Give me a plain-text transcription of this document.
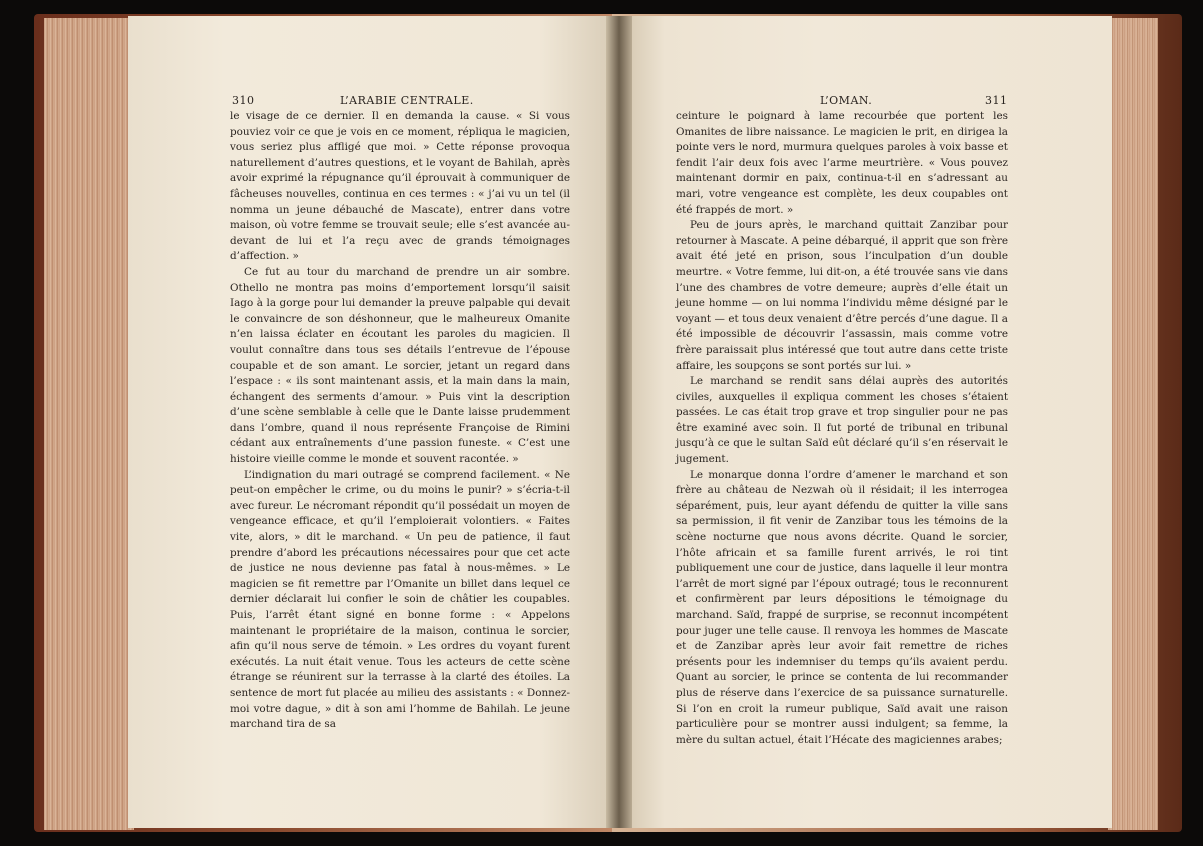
310	L’ARABIE CENTRALE.

le visage de ce dernier. Il en demanda la cause. « Si vous pouviez voir ce que je vois en ce moment, répliqua le magicien, vous seriez plus affligé que moi. » Cette réponse provoqua naturellement d’autres questions, et le voyant de Bahilah, après avoir exprimé la répugnance qu’il éprouvait à communiquer de fâcheuses nouvelles, continua en ces termes : « j’ai vu un tel (il nomma un jeune débauché de Mascate), entrer dans votre maison, où votre femme se trouvait seule; elle s’est avancée au-devant de lui et l’a reçu avec de grands témoignages d’affection. »

Ce fut au tour du marchand de prendre un air sombre. Othello ne montra pas moins d’emportement lorsqu’il saisit Iago à la gorge pour lui demander la preuve palpable qui devait le convaincre de son déshonneur, que le malheureux Omanite n’en laissa éclater en écoutant les paroles du magicien. Il voulut connaître dans tous ses détails l’entrevue de l’épouse coupable et de son amant. Le sorcier, jetant un regard dans l’espace : « ils sont maintenant assis, et la main dans la main, échangent des serments d’amour. » Puis vint la description d’une scène semblable à celle que le Dante laisse prudemment dans l’ombre, quand il nous représente Françoise de Rimini cédant aux entraînements d’une passion funeste. « C’est une histoire vieille comme le monde et souvent racontée. »

L’indignation du mari outragé se comprend facilement. « Ne peut-on empêcher le crime, ou du moins le punir? » s’écria-t-il avec fureur. Le nécromant répondit qu’il possédait un moyen de vengeance efficace, et qu’il l’emploierait volontiers. « Faites vite, alors, » dit le marchand. « Un peu de patience, il faut prendre d’abord les précautions nécessaires pour que cet acte de justice ne nous devienne pas fatal à nous-mêmes. » Le magicien se fit remettre par l’Omanite un billet dans lequel ce dernier déclarait lui confier le soin de châtier les coupables. Puis, l’arrêt étant signé en bonne forme : « Appelons maintenant le propriétaire de la maison, continua le sorcier, afin qu’il nous serve de témoin. » Les ordres du voyant furent exécutés. La nuit était venue. Tous les acteurs de cette scène étrange se réunirent sur la terrasse à la clarté des étoiles. La sentence de mort fut placée au milieu des assistants : « Donnez-moi votre dague, » dit à son ami l’homme de Bahilah. Le jeune marchand tira de sa

L’OMAN.	311

ceinture le poignard à lame recourbée que portent les Omanites de libre naissance. Le magicien le prit, en dirigea la pointe vers le nord, murmura quelques paroles à voix basse et fendit l’air deux fois avec l’arme meurtrière. « Vous pouvez maintenant dormir en paix, continua-t-il en s’adressant au mari, votre vengeance est complète, les deux coupables ont été frappés de mort. »

Peu de jours après, le marchand quittait Zanzibar pour retourner à Mascate. A peine débarqué, il apprit que son frère avait été jeté en prison, sous l’inculpation d’un double meurtre. « Votre femme, lui dit-on, a été trouvée sans vie dans l’une des chambres de votre demeure; auprès d’elle était un jeune homme — on lui nomma l’individu même désigné par le voyant — et tous deux venaient d’être percés d’une dague. Il a été impossible de découvrir l’assassin, mais comme votre frère paraissait plus intéressé que tout autre dans cette triste affaire, les soupçons se sont portés sur lui. »

Le marchand se rendit sans délai auprès des autorités civiles, auxquelles il expliqua comment les choses s’étaient passées. Le cas était trop grave et trop singulier pour ne pas être examiné avec soin. Il fut porté de tribunal en tribunal jusqu’à ce que le sultan Saïd eût déclaré qu’il s’en réservait le jugement.

Le monarque donna l’ordre d’amener le marchand et son frère au château de Nezwah où il résidait; il les interrogea séparément, puis, leur ayant défendu de quitter la ville sans sa permission, il fit venir de Zanzibar tous les témoins de la scène nocturne que nous avons décrite. Quand le sorcier, l’hôte africain et sa famille furent arrivés, le roi tint publiquement une cour de justice, dans laquelle il leur montra l’arrêt de mort signé par l’époux outragé; tous le reconnurent et confirmèrent par leurs dépositions le témoignage du marchand. Saïd, frappé de surprise, se reconnut incompétent pour juger une telle cause. Il renvoya les hommes de Mascate et de Zanzibar après leur avoir fait remettre de riches présents pour les indemniser du temps qu’ils avaient perdu. Quant au sorcier, le prince se contenta de lui recommander plus de réserve dans l’exercice de sa puissance surnaturelle. Si l’on en croit la rumeur publique, Saïd avait une raison particulière pour se montrer aussi indulgent; sa femme, la mère du sultan actuel, était l’Hécate des magiciennes arabes;
